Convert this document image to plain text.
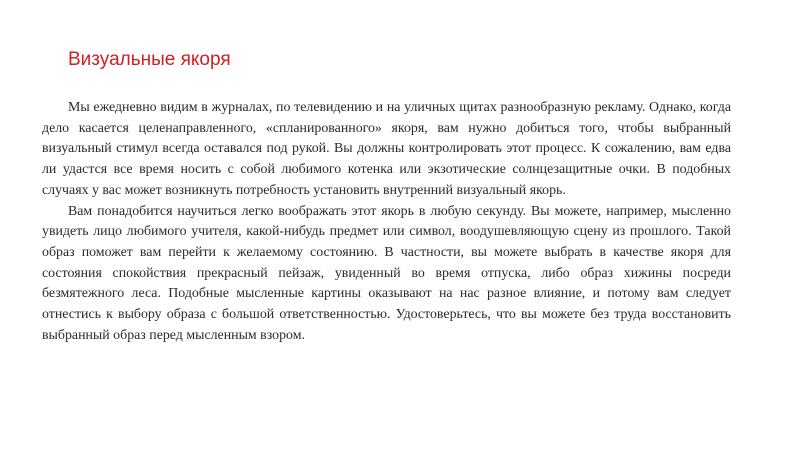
Визуальные якоря

Мы ежедневно видим в журналах, по телевидению и на уличных щитах разнообразную рекламу. Однако, когда дело касается целенаправленного, «спланированного» якоря, вам нужно добиться того, чтобы выбранный визуальный стимул всегда оставался под рукой. Вы должны контролировать этот процесс. К сожалению, вам едва ли удастся все время носить с собой любимого котенка или экзотические солнцезащитные очки. В подобных случаях у вас может возникнуть потребность установить внутренний визуальный якорь.

Вам понадобится научиться легко воображать этот якорь в любую секунду. Вы можете, например, мысленно увидеть лицо любимого учителя, какой‑нибудь предмет или символ, воодушевляющую сцену из прошлого. Такой образ поможет вам перейти к желаемому состоянию. В частности, вы можете выбрать в качестве якоря для состояния спокойствия прекрасный пейзаж, увиденный во время отпуска, либо образ хижины посреди безмятежного леса. Подобные мысленные картины оказывают на нас разное влияние, и потому вам следует отнестись к выбору образа с большой ответственностью. Удостоверьтесь, что вы можете без труда восстановить выбранный образ перед мысленным взором.
